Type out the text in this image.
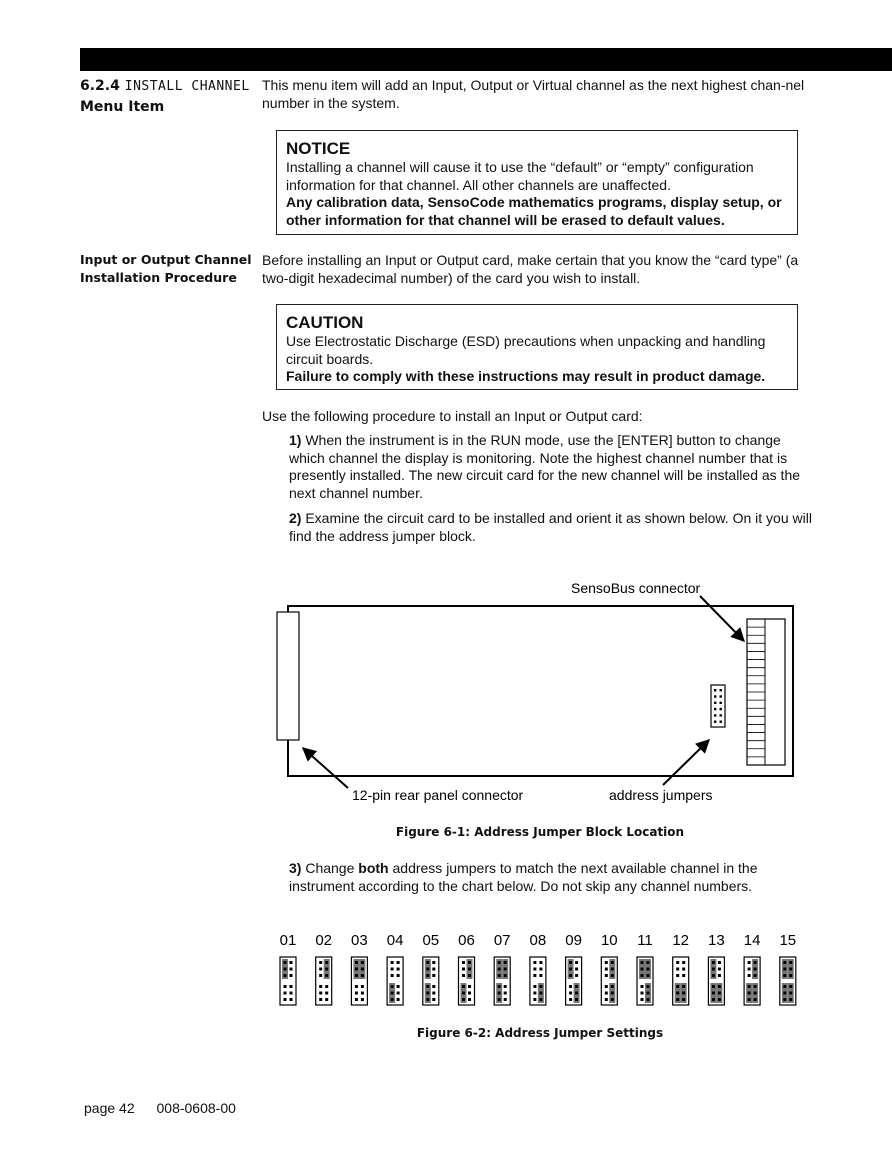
6.2.4 INSTALL CHANNEL
Menu Item
This menu item will add an Input, Output or Virtual channel as the next highest chan-nel number in the system.
NOTICE
Installing a channel will cause it to use the “default” or “empty” configuration information for that channel. All other channels are unaffected.
Any calibration data, SensoCode mathematics programs, display setup, or other information for that channel will be erased to default values.
Input or Output Channel
Installation Procedure
Before installing an Input or Output card, make certain that you know the “card type” (a two-digit hexadecimal number) of the card you wish to install.
CAUTION
Use Electrostatic Discharge (ESD) precautions when unpacking and handling circuit boards.
Failure to comply with these instructions may result in product damage.
Use the following procedure to install an Input or Output card:
1) When the instrument is in the RUN mode, use the [ENTER] button to change which channel the display is monitoring. Note the highest channel number that is presently installed. The new circuit card for the new channel will be installed as the next channel number.
2) Examine the circuit card to be installed and orient it as shown below. On it you will find the address jumper block.
SensoBus connector
12-pin rear panel connector	address jumpers
Figure 6-1: Address Jumper Block Location
3) Change both address jumpers to match the next available channel in the instrument according to the chart below. Do not skip any channel numbers.
01 02 03 04 05 06 07 08 09 10 11 12 13 14 15
Figure 6-2: Address Jumper Settings
page 42 008-0608-00
